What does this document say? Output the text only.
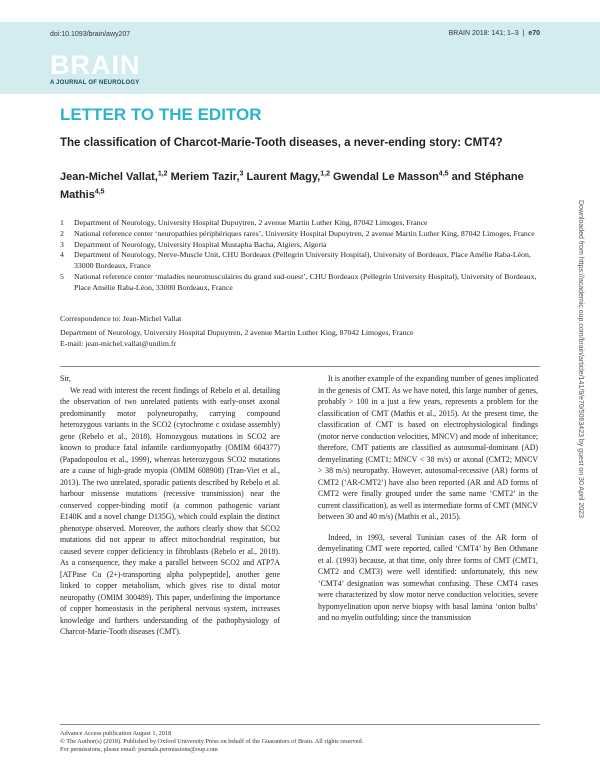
doi:10.1093/brain/awy207	BRAIN 2018: 141; 1–3 | e70
BRAIN
A JOURNAL OF NEUROLOGY
LETTER TO THE EDITOR
The classification of Charcot-Marie-Tooth diseases, a never-ending story: CMT4?
Jean-Michel Vallat,$^{1,2}$ Meriem Tazir,$^3$ Laurent Magy,$^{1,2}$ Gwendal Le Masson$^{4,5}$ and Stéphane Mathis$^{4,5}$
1	Department of Neurology, University Hospital Dupuytren, 2 avenue Martin Luther King, 87042 Limoges, France
2	National reference center ‘neuropathies périphériques rares’, University Hospital Dupuytren, 2 avenue Martin Luther King, 87042 Limoges, France
3	Department of Neurology, University Hospital Mustapha Bacha, Algiers, Algeria
4	Department of Neurology, Nerve-Muscle Unit, CHU Bordeaux (Pellegrin University Hospital), University of Bordeaux, Place Amélie Raba-Léon, 33000 Bordeaux, France
5	National reference center ‘maladies neuromusculaires du grand sud-ouest’, CHU Bordeaux (Pellegrin University Hospital), University of Bordeaux, Place Amélie Raba-Léon, 33000 Bordeaux, France
Correspondence to: Jean-Michel Vallat
Department of Neurology, University Hospital Dupuytren, 2 avenue Martin Luther King, 87042 Limoges, France
E-mail: jean-michel.vallat@unilim.fr

Sir,

We read with interest the recent findings of Rebelo et al. detailing the observation of two unrelated patients with early-onset axonal predominantly motor polyneuropathy, carrying compound heterozygous variants in the SCO2 (cytochrome c oxidase assembly) gene (Rebelo et al., 2018). Homozygous mutations in SCO2 are known to produce fatal infantile cardiomyopathy (OMIM 604377) (Papadopoulou et al., 1999), whereas heterozygous SCO2 mutations are a cause of high-grade myopia (OMIM 608908) (Tran-Viet et al., 2013). The two unrelated, sporadic patients described by Rebelo et al. harbour missense mutations (recessive transmission) near the conserved copper-binding motif (a common pathogenic variant E140K and a novel change D135G), which could explain the distinct phenotype observed. Moreover, the authors clearly show that SCO2 mutations did not appear to affect mitochondrial respiration, but caused severe copper deficiency in fibroblasts (Rebelo et al., 2018). As a consequence, they make a parallel between SCO2 and ATP7A [ATPase Cu (2+)-transporting alpha polypeptide], another gene linked to copper metabolism, which gives rise to distal motor neuropathy (OMIM 300489). This paper, underlining the importance of copper homeostasis in the peripheral nervous system, increases knowledge and furthers understanding of the pathophysiology of Charcot-Marie-Tooth diseases (CMT).

It is another example of the expanding number of genes implicated in the genesis of CMT. As we have noted, this large number of genes, probably > 100 in a just a few years, represents a problem for the classification of CMT (Mathis et al., 2015). At the present time, the classification of CMT is based on electrophysiological findings (motor nerve conduction velocities, MNCV) and mode of inheritance; therefore, CMT patients are classified as autosomal-dominant (AD) demyelinating (CMT1; MNCV < 38 m/s) or axonal (CMT2; MNCV > 38 m/s) neuropathy. However, autosomal-recessive (AR) forms of CMT2 (‘AR-CMT2’) have also been reported (AR and AD forms of CMT2 were finally grouped under the same name ‘CMT2’ in the current classification), as well as intermediate forms of CMT (MNCV between 30 and 40 m/s) (Mathis et al., 2015).

Indeed, in 1993, several Tunisian cases of the AR form of demyelinating CMT were reported, called ‘CMT4’ by Ben Othmane et al. (1993) because, at that time, only three forms of CMT (CMT1, CMT2 and CMT3) were well identified: unfortunately, this new ‘CMT4’ designation was somewhat confusing. These CMT4 cases were characterized by slow motor nerve conduction velocities, severe hypomyelination upon nerve biopsy with basal lamina ‘onion bulbs’ and no myelin outfolding; since the transmission

Advance Access publication August 1, 2018
© The Author(s) (2018). Published by Oxford University Press on behalf of the Guarantors of Brain. All rights reserved.
For permissions, please email: journals.permissions@oup.com
Downloaded from https://academic.oup.com/brain/article/141/9/e70/5063423 by guest on 30 April 2023
